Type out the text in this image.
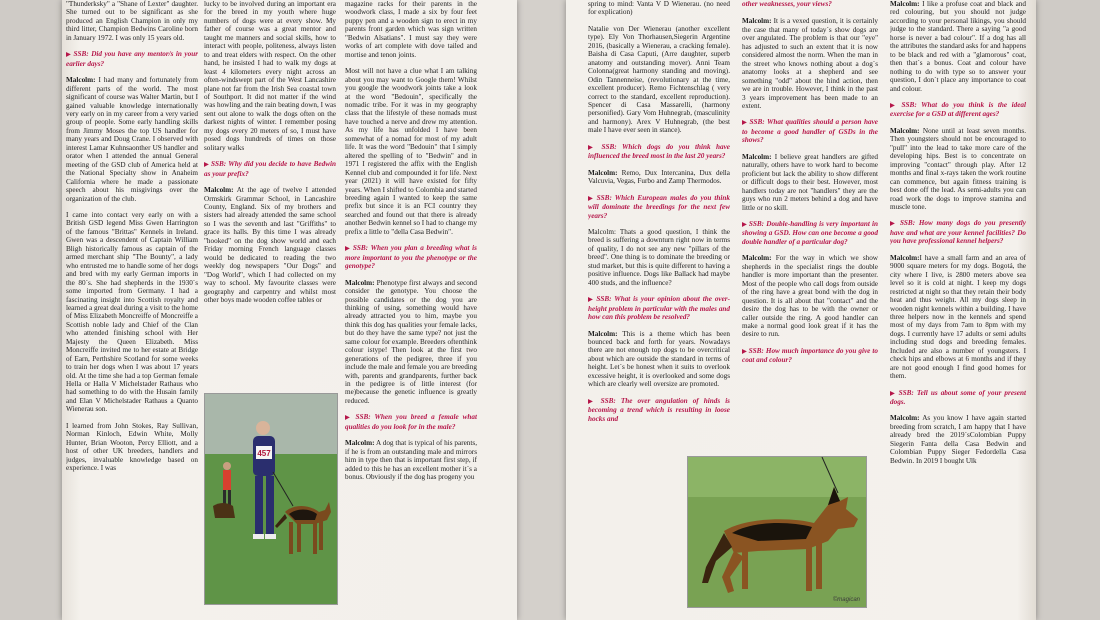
"Thunderksky" a "Shane of Lexter" daughter. She turned out to be significant as she produced an English Champion in only my third litter, Champion Bedwins Caroline born in January 1972. I was only 15 years old.

▶ SSB: Did you have any mentor/s in your earlier days?

Malcolm: I had many and fortunately from different parts of the world. The most significant of course was Walter Martin, but I gained valuable knowledge internationally very early on in my career from a very varied group of people. Some early handling skills from Jimmy Moses the top US handler for many years and Doug Crane. I observed with interest Lamar Kuhnsaonther US handler and orator when I attended the annual General meeting of the GSD club of America held at the National Specialty show in Anaheim California where he made a passionate speech about his misgivings over the organization of the club.

I came into contact very early on with a British GSD legend Miss Gwen Harrington of the famous "Brittas" Kennels in Ireland. Gwen was a descendent of Captain William Bligh historically famous as captain of the armed merchant ship "The Bounty", a lady who entrusted me to handle some of her dogs and bred with my early German imports in the 80´s. She had shepherds in the 1930´s some imported from Germany. I had a fascinating insight into Scottish royalty and learned a great deal during a visit to the home of Miss Elizabeth Moncreiffe of Moncreiffe a Scottish noble lady and Chief of the Clan who attended finishing school with Her Majesty the Queen Elizabeth. Miss Moncreiffe invited me to her estate at Bridge of Earn, Perthshire Scotland for some weeks to train her dogs when I was about 17 years old. At the time she had a top German female Hella or Halla V Michelstader Rathaus who had something to do with the Husain family and Elan V Michelstader Rathaus a Quanto Wienerau son.

I learned from John Stokes, Ray Sullivan, Norman Kinloch, Edwin White, Molly Hunter, Brian Wooton, Percy Elliott, and a host of other UK breeders, handlers and judges, invaluable knowledge based on experience. I was

lucky to be involved during an important era for the breed in my youth where huge numbers of dogs were at every show. My father of course was a great mentor and taught me manners and social skills, how to interact with people, politeness, always listen to and treat elders with respect. On the other hand, he insisted I had to walk my dogs at least 4 kilometers every night across an often-windswept part of the West Lancashire plane not far from the Irish Sea coastal town of Southport. It did not matter if the wind was howling and the rain beating down, I was sent out alone to walk the dogs often on the darkest nights of winter. I remember posing my dogs every 20 meters of so, I must have posed dogs hundreds of times on those solitary walks

▶ SSB: Why did you decide to have Bedwin as your prefix?

Malcolm: At the age of twelve I attended Ormskirk Grammar School, in Lancashire County, England. Six of my brothers and sisters had already attended the same school so I was the seventh and last "Griffiths" to grace its halls. By this time I was already "hooked" on the dog show world and each Friday morning French language classes would be dedicated to reading the two weekly dog newspapers "Our Dogs" and "Dog World", which I had collected on my way to school. My favourite classes were geography and carpentry and whilst most other boys made wooden coffee tables or

magazine racks for their parents in the woodwork class, I made a six by four feet puppy pen and a wooden sign to erect in my parents front garden which was sign written "Bedwin Alsatians". I must say they were works of art complete with dove tailed and mortise and tenon joints.

Most will not have a clue what I am talking about you may want to Google them! Whilst you google the woodwork joints take a look at the word "Bedouin", specifically the nomadic tribe. For it was in my geography class that the lifestyle of these nomads must have touched a nerve and drew my attention. As my life has unfolded I have been somewhat of a nomad for most of my adult life. It was the word "Bedouin" that I simply altered the spelling of to "Bedwin" and in 1971 I registered the affix with the English Kennel club and compounded it for life. Next year (2021) it will have existed for fifty years. When I shifted to Colombia and started breeding again I wanted to keep the same prefix but since it is an FCI country they searched and found out that there is already another Bedwin kennel so I had to change my prefix a little to "della Casa Bedwin".

▶ SSB: When you plan a breeding what is more important to you the phenotype or the genotype?

Malcolm: Phenotype first always and second consider the genotype. You choose the possible candidates or the dog you are thinking of using, something would have already attracted you to him, maybe you think this dog has qualities your female lacks, but do they have the same type? not just the same colour for example. Breeders oftenthink colour istype! Then look at the first two generations of the pedigree, three if you include the male and female you are breeding with, parents and grandparents, further back in the pedigree is of little interest (for me)because the genetic influence is greatly reduced.

▶ SSB: When you breed a female what qualities do you look for in the male?

Malcolm: A dog that is typical of his parents, if he is from an outstanding male and mirrors him in type then that is important first step, if added to this he has an excellent mother it´s a bonus. Obviously if the dog has progeny you

457

spring to mind: Vanta V D Wienerau. (no need for explication)

Natalie von Der Wienerau (another excellent type). Ely Von Thorhausen,Siegerin Argentine 2016, (basically a Wienerau, a cracking female). Baisha di Casa Caputi, (Arre daughter, superb anatomy and outstanding mover). Anni Team Colonna(great harmony standing and moving). Odin Tannenneise, (revolutionary at the time, excellent producer). Remo Fichtenschlag ( very correct to the standard, excellent reproduction). Spencer di Casa Massarelli, (harmony personified). Gary Vom Huhnegrab, (masculinity and harmony). Arex V Huhnegrab, (the best male I have ever seen in stance).

▶ SSB: Which dogs do you think have influenced the breed most in the last 20 years?

Malcolm: Remo, Dux Intercanina, Dux della Valcuvia, Vegas, Furbo and Zamp Thermodos.

▶ SSB: Which European males do you think will dominate the breedings for the next few years?

Malcolm: Thats a good question, I think the breed is suffering a downturn right now in terms of quality, I do not see any new "pillars of the breed". One thing is to dominate the breeding or stud market, but this is quite different to having a positive influence. Dogs like Ballack had maybe 400 studs, and the influence?

▶ SSB: What is your opinion about the over-height problem in particular with the males and how can this problem be resolved?

Malcolm: This is a theme which has been bounced back and forth for years. Nowadays there are not enough top dogs to be overcritical about which are outside the standard in terms of height. Let´s be honest when it suits to overlook excessive height, it is overlooked and some dogs which are clearly well oversize are promoted.

▶ SSB: The over angulation of hinds is becoming a trend which is resulting in loose hocks and

other weaknesses, your views?

Malcolm: It is a vexed question, it is certainly the case that many of today´s show dogs are over angulated. The problem is that our "eye" has adjusted to such an extent that it is now considered almost the norm. When the man in the street who knows nothing about a dog´s anatomy looks at a shepherd and see something "odd" about the hind action, then we are in trouble. However, I think in the past 3 years improvement has been made to an extent.

▶ SSB: What qualities should a person have to become a good handler of GSDs in the shows?

Malcolm: I believe great handlers are gifted naturally, others have to work hard to become proficient but lack the ability to show different or difficult dogs to their best. However, most handlers today are not "handlers" they are the guys who run 2 meters behind a dog and have little or no skill.

▶ SSB: Double-handling is very important in showing a GSD. How can one become a good double handler of a particular dog?

Malcolm: For the way in which we show shepherds in the specialist rings the double handler is more important than the presenter. Most of the people who call dogs from outside of the ring have a great bond with the dog in question. It is all about that "contact" and the desire the dog has to be with the owner or caller outside the ring. A good handler can make a normal good look great if it has the desire to run.

▶ SSB: How much importance do you give to coat and colour?

Malcolm: I like a profuse coat and black and red colouring, but you should not judge according to your personal likings, you should judge to the standard. There a saying "a good horse is never a bad colour". If a dog has all the attributes the standard asks for and happens to be black and red with a "glamorous" coat, then that´s a bonus. Coat and colour have nothing to do with type so to answer your question, I don´t place any importance to coat and colour.

▶ SSB: What do you think is the ideal exercise for a GSD at different ages?

Malcolm: None until at least seven months. Then youngsters should not be encouraged to "pull" into the lead to take more care of the developing hips. Best is to concentrate on improving "contact" through play. After 12 months and final x-rays taken the work routine can commence, but again fitness training is best done off the lead. As semi-adults you can road work the dogs to improve stamina and muscle tone.

▶ SSB: How many dogs do you presently have and what are your kennel facilities? Do you have professional kennel helpers?

Malcolm:I have a small farm and an area of 9000 square meters for my dogs. Bogotá, the city where I live, is 2800 meters above sea level so it is cold at night. I keep my dogs restricted at night so that they retain their body heat and thus weight. All my dogs sleep in wooden night kennels within a building. I have three helpers now in the kennels and spend most of my days from 7am to 8pm with my dogs. I currently have 17 adults or semi adults including stud dogs and breeding females. Included are also a number of youngsters. I check hips and elbows at 6 months and if they are not good enough I find good homes for them.

▶ SSB: Tell us about some of your present dogs.

Malcolm: As you know I have again started breeding from scratch, I am happy that I have already bred the 2019´sColombian Puppy Siegerin Fanta della Casa Bedwin and Colombian Puppy Sieger Fedordella Casa Bedwin. In 2019 I bought Ulk

©magican
